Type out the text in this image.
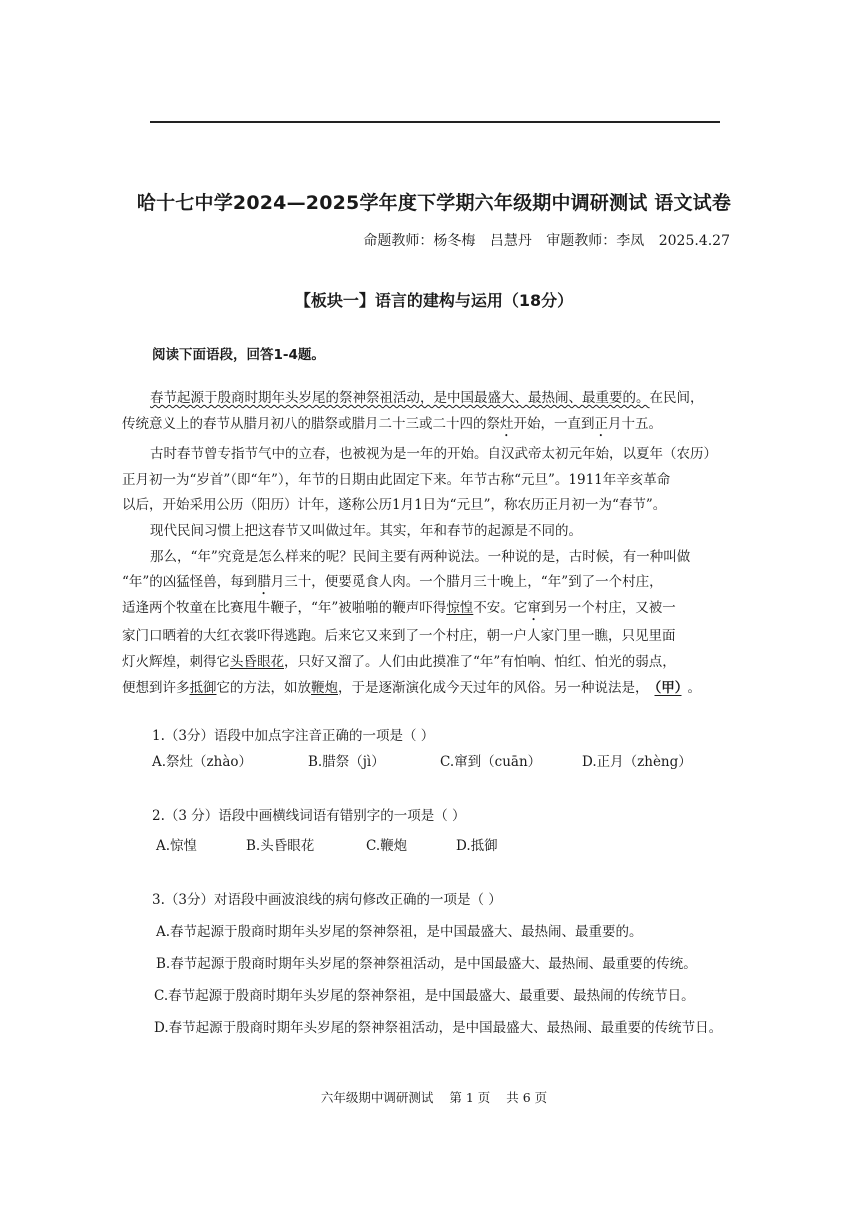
哈十七中学2024—2025学年度下学期六年级期中调研测试 语文试卷
命题教师：杨冬梅 吕慧丹 审题教师：李凤 2025.4.27
【板块一】语言的建构与运用（18分）
阅读下面语段，回答1-4题。
春节起源于殷商时期年头岁尾的祭神祭祖活动，是中国最盛大、最热闹、最重要的。在民间，
传统意义上的春节从腊月初八的腊祭或腊月二十三或二十四的祭灶开始，一直到正月十五。
古时春节曾专指节气中的立春，也被视为是一年的开始。自汉武帝太初元年始，以夏年（农历）
正月初一为“岁首”（即“年”），年节的日期由此固定下来。年节古称“元旦”。1911年辛亥革命
以后，开始采用公历（阳历）计年，遂称公历1月1日为“元旦”，称农历正月初一为“春节”。
现代民间习惯上把这春节又叫做过年。其实，年和春节的起源是不同的。
那么，“年”究竟是怎么样来的呢？民间主要有两种说法。一种说的是，古时候，有一种叫做
“年”的凶猛怪兽，每到腊月三十，便要觅食人肉。一个腊月三十晚上，“年”到了一个村庄，
适逢两个牧童在比赛甩牛鞭子，“年”被啪啪的鞭声吓得惊惶不安。它窜到另一个村庄，又被一
家门口晒着的大红衣裳吓得逃跑。后来它又来到了一个村庄，朝一户人家门里一瞧，只见里面
灯火辉煌，刺得它头昏眼花，只好又溜了。人们由此摸准了“年”有怕响、怕红、怕光的弱点，
便想到许多抵御它的方法，如放鞭炮，于是逐渐演化成今天过年的风俗。另一种说法是， （甲） 。
1.（3分）语段中加点字注音正确的一项是（ ）
A.祭灶（zhào）	B.腊祭（jì）	C.窜到（cuān）	D.正月（zhèng）
2.（3 分）语段中画横线词语有错别字的一项是（ ）
A.惊惶	B.头昏眼花	C.鞭炮	D.抵御
3.（3分）对语段中画波浪线的病句修改正确的一项是（ ）
A.春节起源于殷商时期年头岁尾的祭神祭祖，是中国最盛大、最热闹、最重要的。
B.春节起源于殷商时期年头岁尾的祭神祭祖活动，是中国最盛大、最热闹、最重要的传统。
C.春节起源于殷商时期年头岁尾的祭神祭祖，是中国最盛大、最重要、最热闹的传统节日。
D.春节起源于殷商时期年头岁尾的祭神祭祖活动，是中国最盛大、最热闹、最重要的传统节日。
六年级期中调研测试 第 1 页 共 6 页
